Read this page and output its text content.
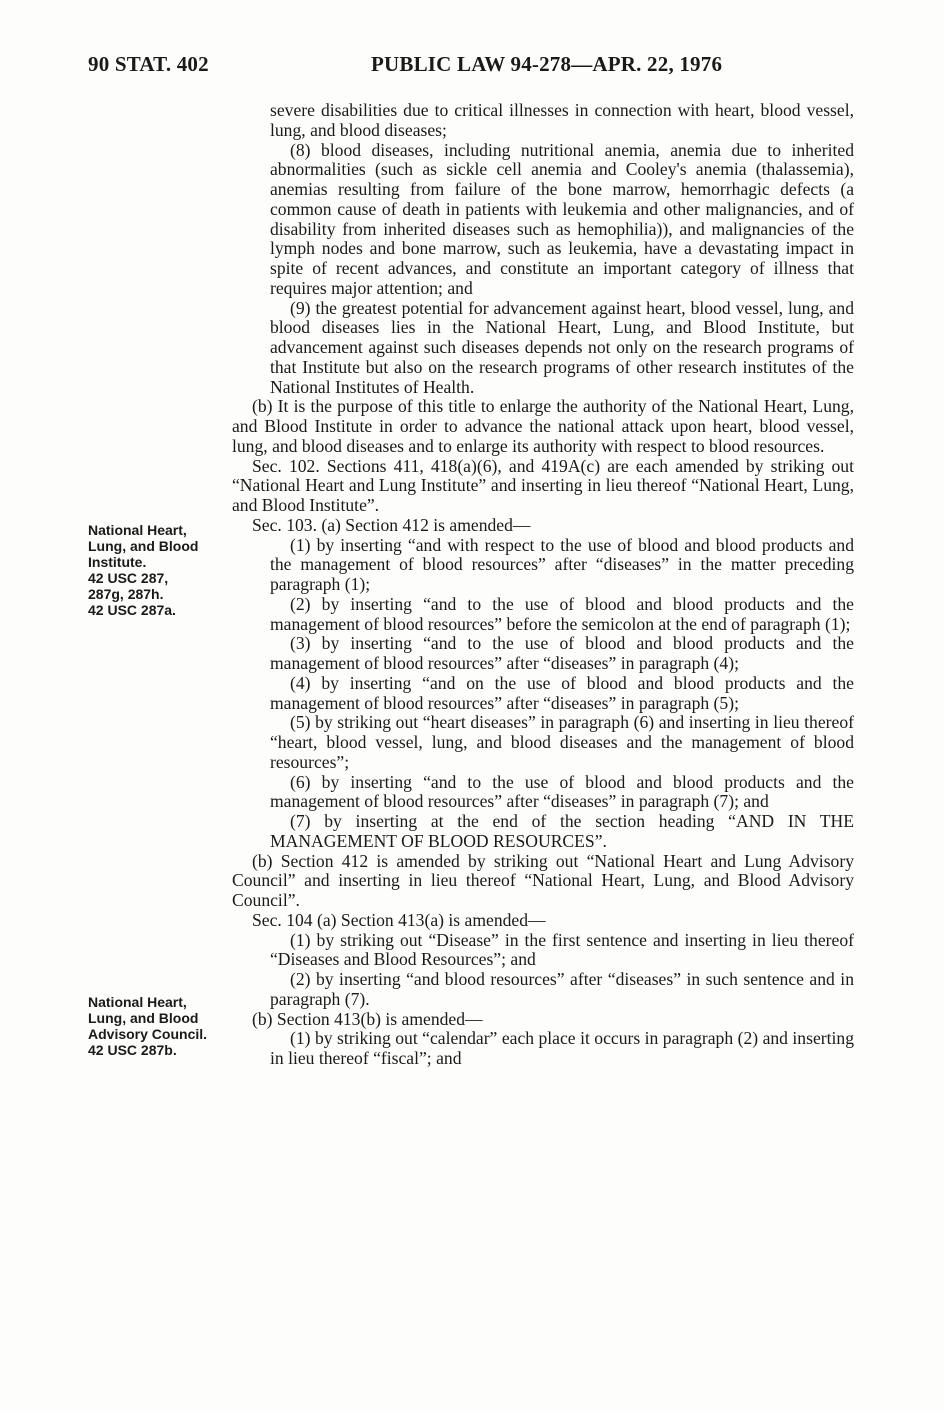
90 STAT. 402	PUBLIC LAW 94-278—APR. 22, 1976
National Heart,
Lung, and Blood
Institute.
42 USC 287,
287g, 287h.
42 USC 287a.
National Heart,
Lung, and Blood
Advisory Council.
42 USC 287b.

severe disabilities due to critical illnesses in connection with heart, blood vessel, lung, and blood diseases;

(8) blood diseases, including nutritional anemia, anemia due to inherited abnormalities (such as sickle cell anemia and Cooley's anemia (thalassemia), anemias resulting from failure of the bone marrow, hemorrhagic defects (a common cause of death in patients with leukemia and other malignancies, and of disability from inherited diseases such as hemophilia)), and malignancies of the lymph nodes and bone marrow, such as leukemia, have a devastating impact in spite of recent advances, and constitute an important category of illness that requires major attention; and

(9) the greatest potential for advancement against heart, blood vessel, lung, and blood diseases lies in the National Heart, Lung, and Blood Institute, but advancement against such diseases depends not only on the research programs of that Institute but also on the research programs of other research institutes of the National Institutes of Health.

(b) It is the purpose of this title to enlarge the authority of the National Heart, Lung, and Blood Institute in order to advance the national attack upon heart, blood vessel, lung, and blood diseases and to enlarge its authority with respect to blood resources.

Sec. 102. Sections 411, 418(a)(6), and 419A(c) are each amended by striking out “National Heart and Lung Institute” and inserting in lieu thereof “National Heart, Lung, and Blood Institute”.

Sec. 103. (a) Section 412 is amended—

(1) by inserting “and with respect to the use of blood and blood products and the management of blood resources” after “diseases” in the matter preceding paragraph (1);

(2) by inserting “and to the use of blood and blood products and the management of blood resources” before the semicolon at the end of paragraph (1);

(3) by inserting “and to the use of blood and blood products and the management of blood resources” after “diseases” in paragraph (4);

(4) by inserting “and on the use of blood and blood products and the management of blood resources” after “diseases” in paragraph (5);

(5) by striking out “heart diseases” in paragraph (6) and inserting in lieu thereof “heart, blood vessel, lung, and blood diseases and the management of blood resources”;

(6) by inserting “and to the use of blood and blood products and the management of blood resources” after “diseases” in paragraph (7); and

(7) by inserting at the end of the section heading “AND IN THE MANAGEMENT OF BLOOD RESOURCES”.

(b) Section 412 is amended by striking out “National Heart and Lung Advisory Council” and inserting in lieu thereof “National Heart, Lung, and Blood Advisory Council”.

Sec. 104 (a) Section 413(a) is amended—

(1) by striking out “Disease” in the first sentence and inserting in lieu thereof “Diseases and Blood Resources”; and

(2) by inserting “and blood resources” after “diseases” in such sentence and in paragraph (7).

(b) Section 413(b) is amended—

(1) by striking out “calendar” each place it occurs in paragraph (2) and inserting in lieu thereof “fiscal”; and
